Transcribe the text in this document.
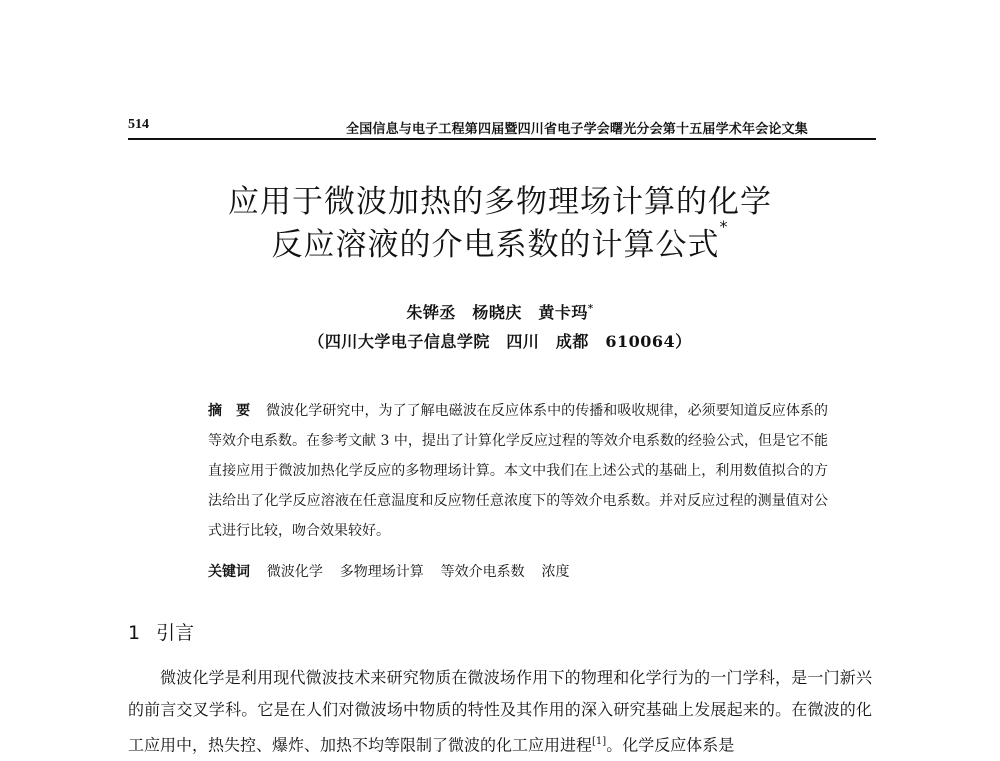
514	全国信息与电子工程第四届暨四川省电子学会曙光分会第十五届学术年会论文集
应用于微波加热的多物理场计算的化学
反应溶液的介电系数的计算公式*
朱铧丞　杨晓庆　黄卡玛*
（四川大学电子信息学院　四川　成都　610064）

摘　要 微波化学研究中，为了了解电磁波在反应体系中的传播和吸收规律，必须要知道反应体系的等效介电系数。在参考文献 3 中，提出了计算化学反应过程的等效介电系数的经验公式，但是它不能直接应用于微波加热化学反应的多物理场计算。本文中我们在上述公式的基础上，利用数值拟合的方法给出了化学反应溶液在任意温度和反应物任意浓度下的等效介电系数。并对反应过程的测量值对公式进行比较，吻合效果较好。

关键词 微波化学 多物理场计算 等效介电系数 浓度
1 引言

微波化学是利用现代微波技术来研究物质在微波场作用下的物理和化学行为的一门学科，是一门新兴的前言交叉学科。它是在人们对微波场中物质的特性及其作用的深入研究基础上发展起来的。在微波的化工应用中，热失控、爆炸、加热不均等限制了微波的化工应用进程[1]。化学反应体系是
